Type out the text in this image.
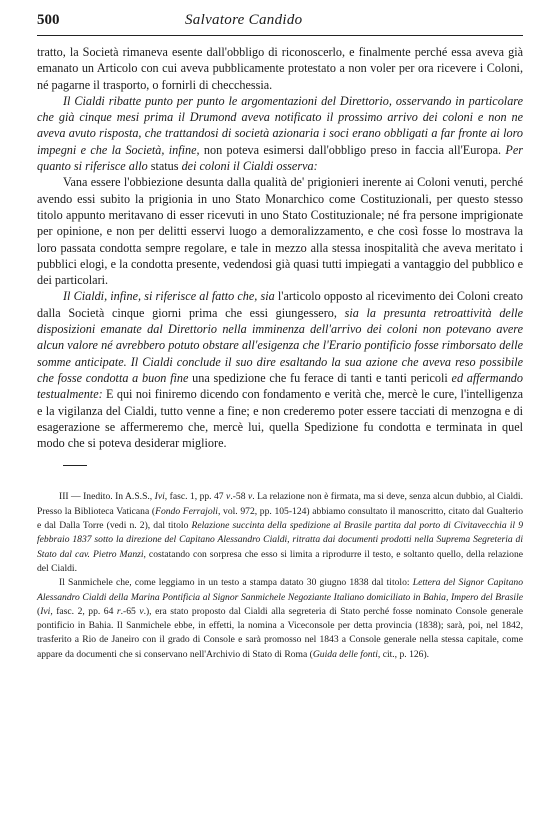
500	Salvatore Candido

tratto, la Società rimaneva esente dall'obbligo di riconoscerlo, e finalmente perché essa aveva già emanato un Articolo con cui aveva pubblicamente protestato a non voler per ora ricevere i Coloni, né pagarne il trasporto, o fornirli di checchessia.

Il Cialdi ribatte punto per punto le argomentazioni del Direttorio, osservando in particolare che già cinque mesi prima il Drumond aveva notificato il prossimo arrivo dei coloni e non ne aveva avuto risposta, che trattandosi di società azionaria i soci erano obbligati a far fronte ai loro impegni e che la Società, infine, non poteva esimersi dall'obbligo preso in faccia all'Europa. Per quanto si riferisce allo status dei coloni il Cialdi osserva:

Vana essere l'obbiezione desunta dalla qualità de' prigionieri inerente ai Coloni venuti, perché avendo essi subito la prigionia in uno Stato Monarchico come Costituzionali, per questo stesso titolo appunto meritavano di esser ricevuti in uno Stato Costituzionale; né fra persone imprigionate per opinione, e non per delitti esservi luogo a demoralizzamento, e che così fosse lo mostrava la loro passata condotta sempre regolare, e tale in mezzo alla stessa inospitalità che aveva meritato i pubblici elogi, e la condotta presente, vedendosi già quasi tutti impiegati a vantaggio del pubblico e dei particolari.

Il Cialdi, infine, si riferisce al fatto che, sia l'articolo opposto al ricevimento dei Coloni creato dalla Società cinque giorni prima che essi giungessero, sia la presunta retroattività delle disposizioni emanate dal Direttorio nella imminenza dell'arrivo dei coloni non potevano avere alcun valore né avrebbero potuto obstare all'esigenza che l'Erario pontificio fosse rimborsato delle somme anticipate. Il Cialdi conclude il suo dire esaltando la sua azione che aveva reso possibile che fosse condotta a buon fine una spedizione che fu ferace di tanti e tanti pericoli ed affermando testualmente: E qui noi finiremo dicendo con fondamento e verità che, mercè le cure, l'intelligenza e la vigilanza del Cialdi, tutto venne a fine; e non crederemo poter essere tacciati di menzogna e di esagerazione se affermeremo che, mercè lui, quella Spedizione fu condotta e terminata in quel modo che si poteva desiderar migliore.

III — Inedito. In A.S.S., Ivi, fasc. 1, pp. 47 v.-58 v. La relazione non è firmata, ma si deve, senza alcun dubbio, al Cialdi. Presso la Biblioteca Vaticana (Fondo Ferrajoli, vol. 972, pp. 105-124) abbiamo consultato il manoscritto, citato dal Gualterio e dal Dalla Torre (vedi n. 2), dal titolo Relazione succinta della spedizione al Brasile partita dal porto di Civitavecchia il 9 febbraio 1837 sotto la direzione del Capitano Alessandro Cialdi, ritratta dai documenti prodotti nella Suprema Segreteria di Stato dal cav. Pietro Manzi, costatando con sorpresa che esso si limita a riprodurre il testo, e soltanto quello, della relazione del Cialdi.

Il Sanmichele che, come leggiamo in un testo a stampa datato 30 giugno 1838 dal titolo: Lettera del Signor Capitano Alessandro Cialdi della Marina Pontificia al Signor Sanmichele Negoziante Italiano domiciliato in Bahia, Impero del Brasile (Ivi, fasc. 2, pp. 64 r.-65 v.), era stato proposto dal Cialdi alla segreteria di Stato perché fosse nominato Console generale pontificio in Bahia. Il Sanmichele ebbe, in effetti, la nomina a Viceconsole per detta provincia (1838); sarà, poi, nel 1842, trasferito a Rio de Janeiro con il grado di Console e sarà promosso nel 1843 a Console generale nella stessa capitale, come appare da documenti che si conservano nell'Archivio di Stato di Roma (Guida delle fonti, cit., p. 126).
